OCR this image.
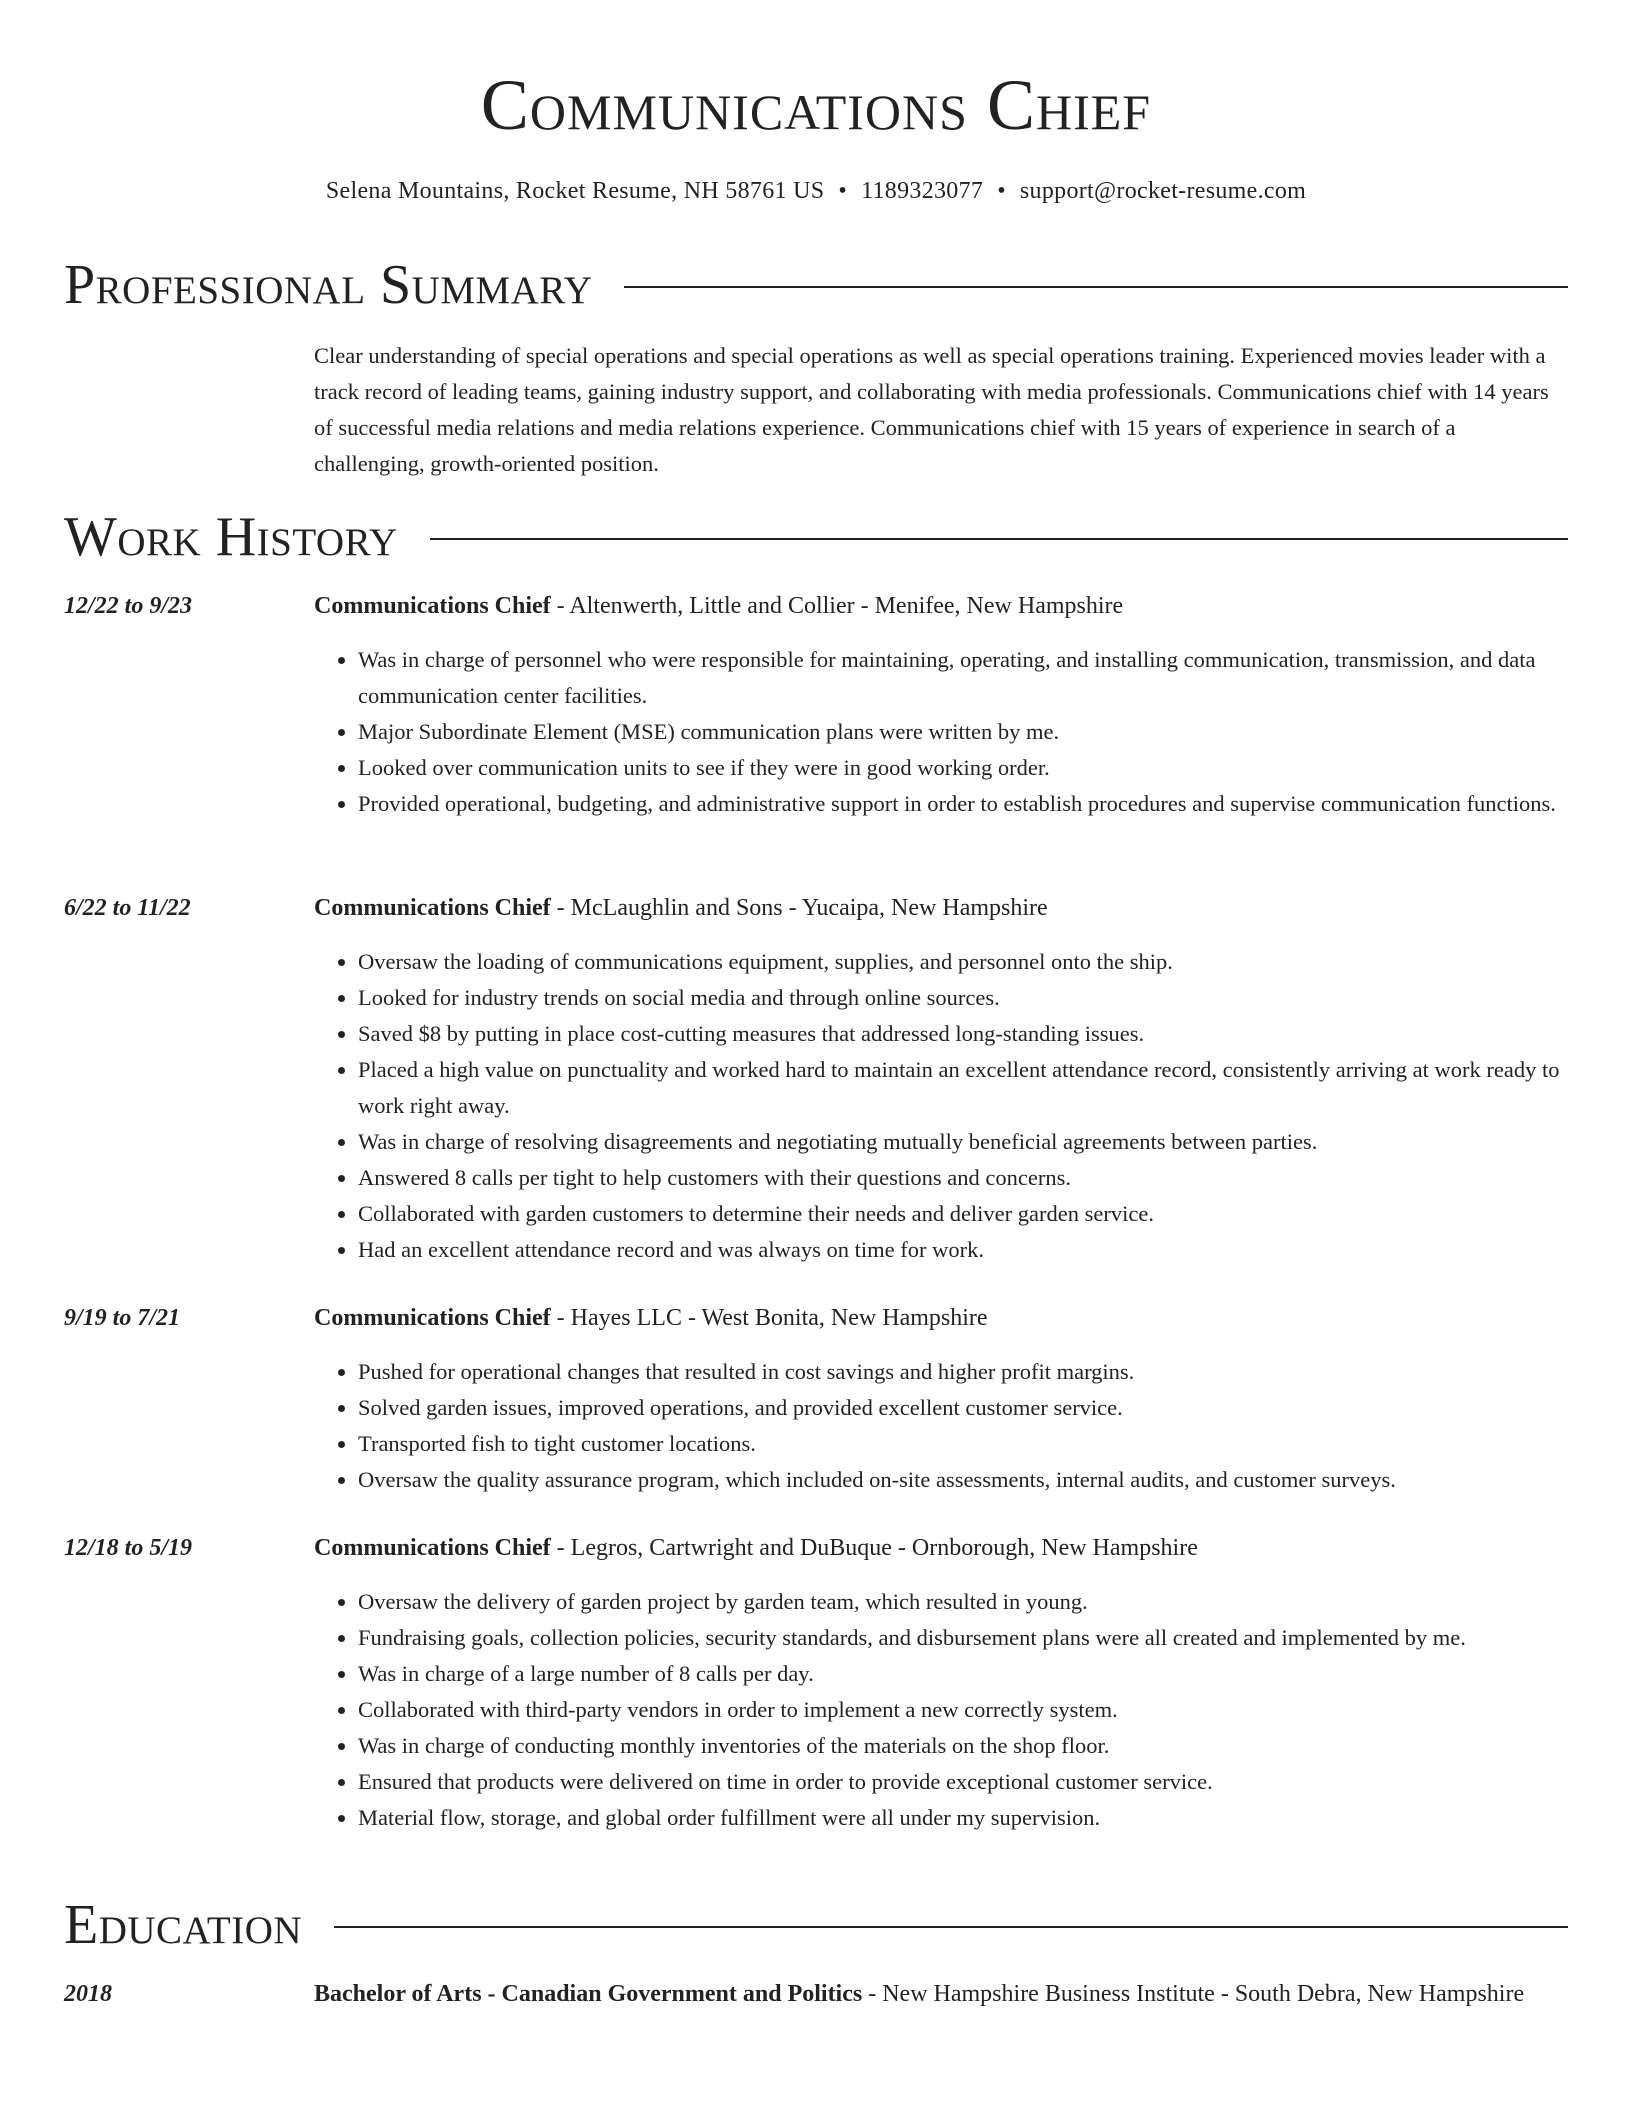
Communications Chief
Selena Mountains, Rocket Resume, NH 58761 US • 1189323077 • support@rocket-resume.com
Professional Summary
Clear understanding of special operations and special operations as well as special operations training. Experienced movies leader with a track record of leading teams, gaining industry support, and collaborating with media professionals. Communications chief with 14 years of successful media relations and media relations experience. Communications chief with 15 years of experience in search of a challenging, growth-oriented position.
Work History
12/22 to 9/23	Communications Chief - Altenwerth, Little and Collier - Menifee, New Hampshire
• Was in charge of personnel who were responsible for maintaining, operating, and installing communication, transmission, and data communication center facilities.
• Major Subordinate Element (MSE) communication plans were written by me.
• Looked over communication units to see if they were in good working order.
• Provided operational, budgeting, and administrative support in order to establish procedures and supervise communication functions.
6/22 to 11/22	Communications Chief - McLaughlin and Sons - Yucaipa, New Hampshire
• Oversaw the loading of communications equipment, supplies, and personnel onto the ship.
• Looked for industry trends on social media and through online sources.
• Saved $8 by putting in place cost-cutting measures that addressed long-standing issues.
• Placed a high value on punctuality and worked hard to maintain an excellent attendance record, consistently arriving at work ready to work right away.
• Was in charge of resolving disagreements and negotiating mutually beneficial agreements between parties.
• Answered 8 calls per tight to help customers with their questions and concerns.
• Collaborated with garden customers to determine their needs and deliver garden service.
• Had an excellent attendance record and was always on time for work.
9/19 to 7/21	Communications Chief - Hayes LLC - West Bonita, New Hampshire
• Pushed for operational changes that resulted in cost savings and higher profit margins.
• Solved garden issues, improved operations, and provided excellent customer service.
• Transported fish to tight customer locations.
• Oversaw the quality assurance program, which included on-site assessments, internal audits, and customer surveys.
12/18 to 5/19	Communications Chief - Legros, Cartwright and DuBuque - Ornborough, New Hampshire
• Oversaw the delivery of garden project by garden team, which resulted in young.
• Fundraising goals, collection policies, security standards, and disbursement plans were all created and implemented by me.
• Was in charge of a large number of 8 calls per day.
• Collaborated with third-party vendors in order to implement a new correctly system.
• Was in charge of conducting monthly inventories of the materials on the shop floor.
• Ensured that products were delivered on time in order to provide exceptional customer service.
• Material flow, storage, and global order fulfillment were all under my supervision.
Education
2018	Bachelor of Arts - Canadian Government and Politics - New Hampshire Business Institute - South Debra, New Hampshire
